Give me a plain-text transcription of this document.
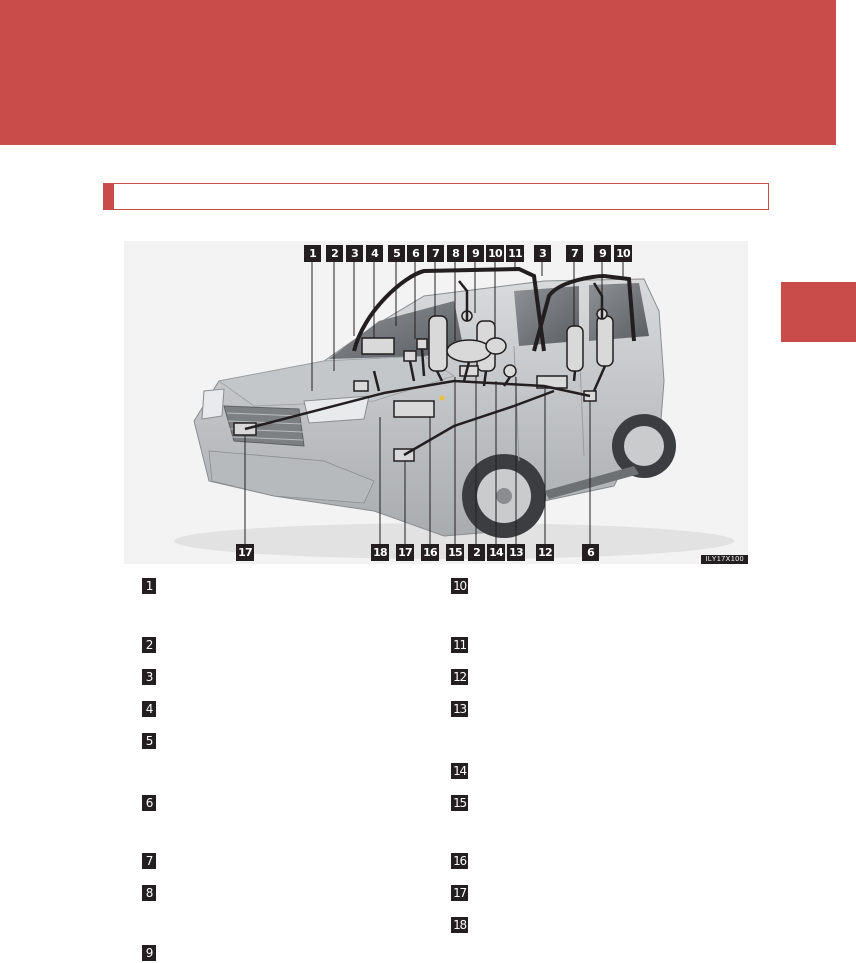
1	2	3	4	5	6	7	8	9 10 11	3	7	9 10
17	18 17 16 15	2 14 13 12	6
ILY17X100
1
2
3
4
5
6
7
8
9
10
11
12
13
14
15
16
17
18
